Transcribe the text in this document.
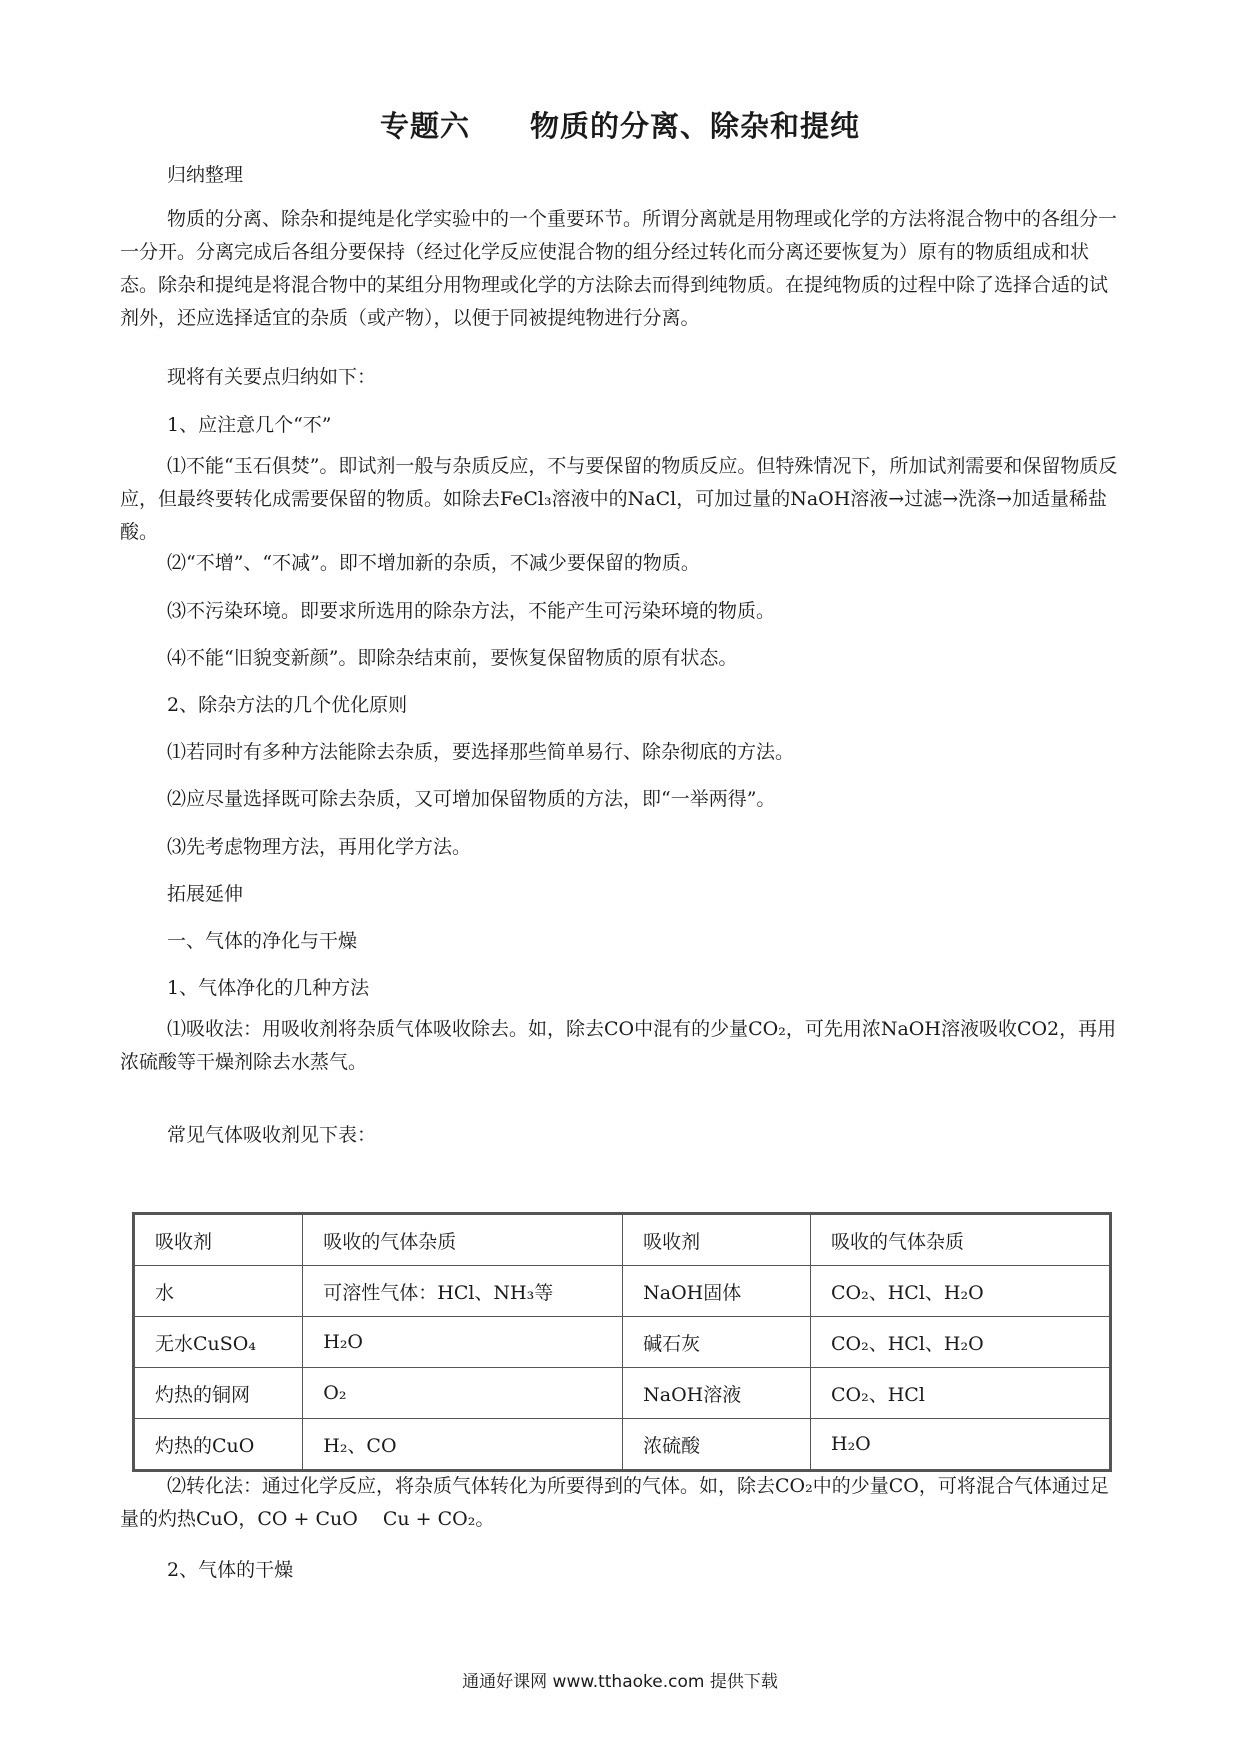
专题六 物质的分离、除杂和提纯
归纳整理
物质的分离、除杂和提纯是化学实验中的一个重要环节。所谓分离就是用物理或化学的方法将混合物中的各组分一一分开。分离完成后各组分要保持（经过化学反应使混合物的组分经过转化而分离还要恢复为）原有的物质组成和状态。除杂和提纯是将混合物中的某组分用物理或化学的方法除去而得到纯物质。在提纯物质的过程中除了选择合适的试剂外，还应选择适宜的杂质（或产物），以便于同被提纯物进行分离。
现将有关要点归纳如下：
1、应注意几个“不”
⑴不能“玉石俱焚”。即试剂一般与杂质反应，不与要保留的物质反应。但特殊情况下，所加试剂需要和保留物质反应，但最终要转化成需要保留的物质。如除去FeCl₃溶液中的NaCl，可加过量的NaOH溶液→过滤→洗涤→加适量稀盐酸。
⑵“不增”、“不减”。即不增加新的杂质，不减少要保留的物质。
⑶不污染环境。即要求所选用的除杂方法，不能产生可污染环境的物质。
⑷不能“旧貌变新颜”。即除杂结束前，要恢复保留物质的原有状态。
2、除杂方法的几个优化原则
⑴若同时有多种方法能除去杂质，要选择那些简单易行、除杂彻底的方法。
⑵应尽量选择既可除去杂质，又可增加保留物质的方法，即“一举两得”。
⑶先考虑物理方法，再用化学方法。
拓展延伸
一、气体的净化与干燥
1、气体净化的几种方法
⑴吸收法：用吸收剂将杂质气体吸收除去。如，除去CO中混有的少量CO₂，可先用浓NaOH溶液吸收CO2，再用浓硫酸等干燥剂除去水蒸气。
常见气体吸收剂见下表：
吸收剂	吸收的气体杂质	吸收剂	吸收的气体杂质
水	可溶性气体：HCl、NH₃等	NaOH固体	CO₂、HCl、H₂O
无水CuSO₄	H₂O	碱石灰	CO₂、HCl、H₂O
灼热的铜网	O₂	NaOH溶液	CO₂、HCl
灼热的CuO	H₂、CO	浓硫酸	H₂O
⑵转化法：通过化学反应，将杂质气体转化为所要得到的气体。如，除去CO₂中的少量CO，可将混合气体通过足量的灼热CuO，CO + CuO　 Cu + CO₂。
2、气体的干燥
通通好课网 www.tthaoke.com 提供下载
